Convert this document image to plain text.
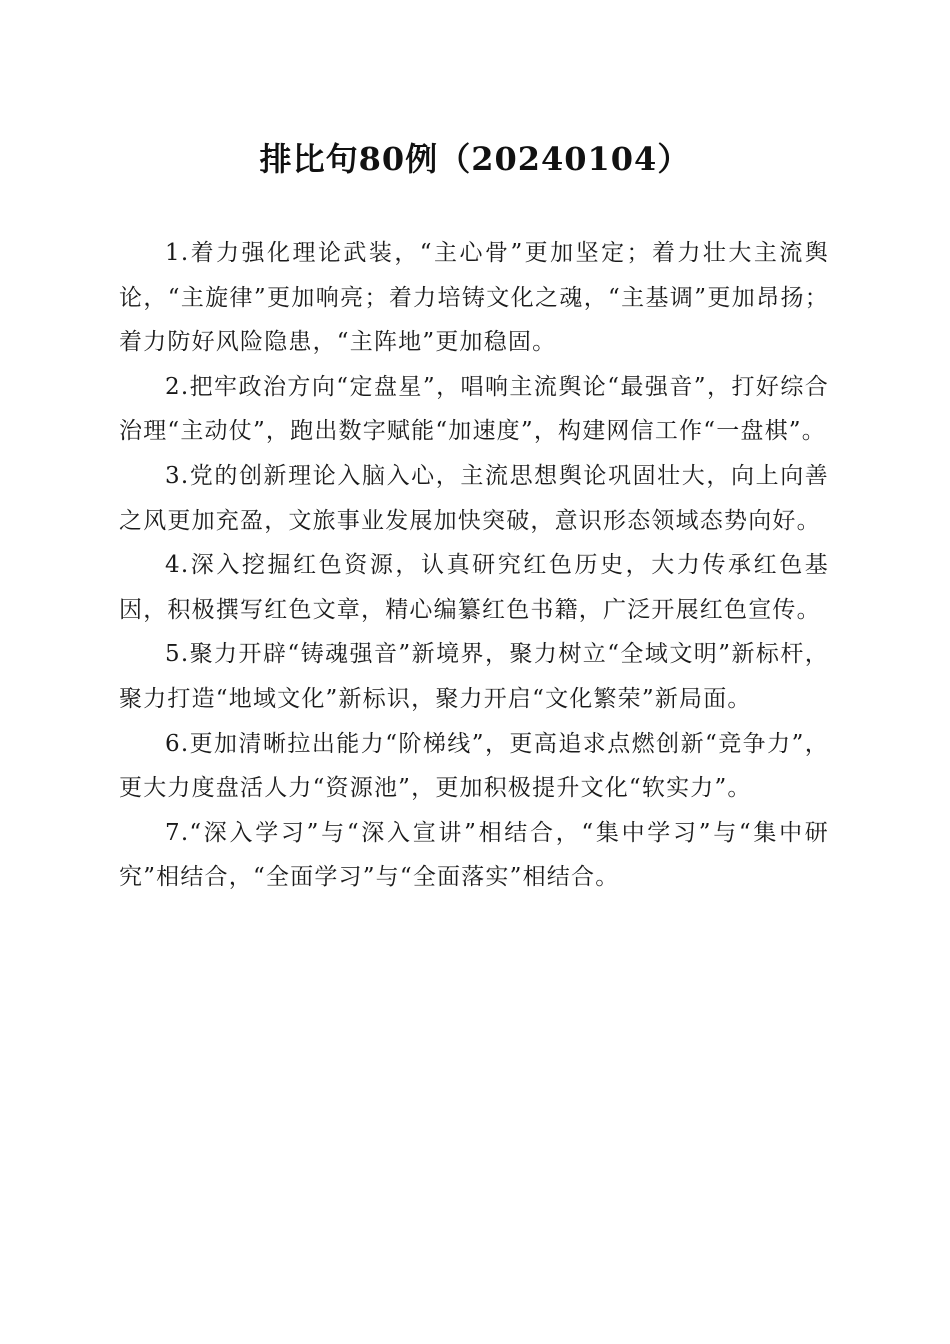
排比句80例（20240104）

1.着力强化理论武装，“主心骨”更加坚定；着力壮大主流舆论，“主旋律”更加响亮；着力培铸文化之魂，“主基调”更加昂扬；着力防好风险隐患，“主阵地”更加稳固。

2.把牢政治方向“定盘星”，唱响主流舆论“最强音”，打好综合治理“主动仗”，跑出数字赋能“加速度”，构建网信工作“一盘棋”。

3.党的创新理论入脑入心，主流思想舆论巩固壮大，向上向善之风更加充盈，文旅事业发展加快突破，意识形态领域态势向好。

4.深入挖掘红色资源，认真研究红色历史，大力传承红色基因，积极撰写红色文章，精心编纂红色书籍，广泛开展红色宣传。

5.聚力开辟“铸魂强音”新境界，聚力树立“全域文明”新标杆，聚力打造“地域文化”新标识，聚力开启“文化繁荣”新局面。

6.更加清晰拉出能力“阶梯线”，更高追求点燃创新“竞争力”，更大力度盘活人力“资源池”，更加积极提升文化“软实力”。

7.“深入学习”与“深入宣讲”相结合，“集中学习”与“集中研究”相结合，“全面学习”与“全面落实”相结合。
